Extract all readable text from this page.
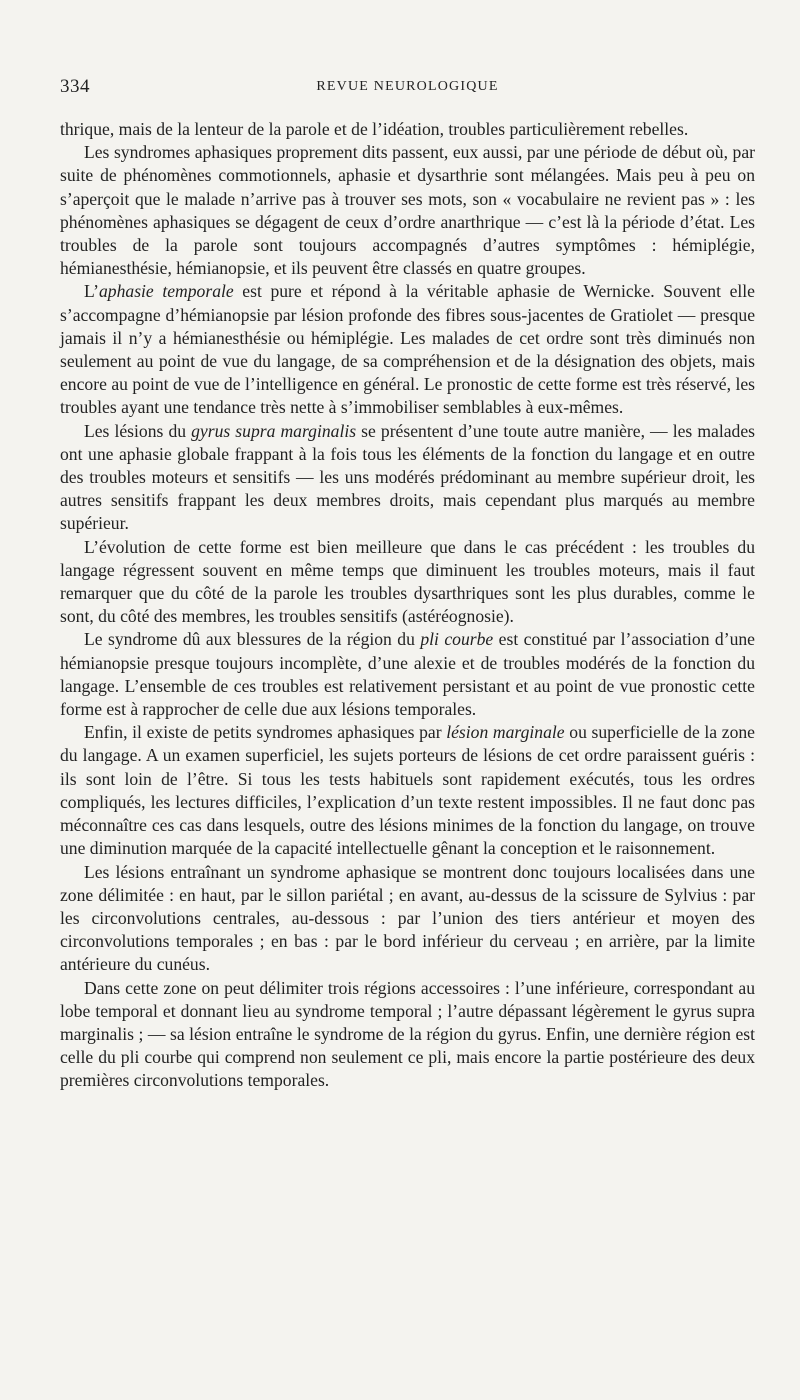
334	REVUE NEUROLOGIQUE

thrique, mais de la lenteur de la parole et de l’idéation, troubles particulièrement rebelles.

Les syndromes aphasiques proprement dits passent, eux aussi, par une période de début où, par suite de phénomènes commotionnels, aphasie et dysarthrie sont mélangées. Mais peu à peu on s’aperçoit que le malade n’arrive pas à trouver ses mots, son « vocabulaire ne revient pas » : les phénomènes aphasiques se dégagent de ceux d’ordre anarthrique — c’est là la période d’état. Les troubles de la parole sont toujours accompagnés d’autres symptômes : hémiplégie, hémianesthésie, hémianopsie, et ils peuvent être classés en quatre groupes.

L’aphasie temporale est pure et répond à la véritable aphasie de Wernicke. Souvent elle s’accompagne d’hémianopsie par lésion profonde des fibres sous-jacentes de Gratiolet — presque jamais il n’y a hémianesthésie ou hémiplégie. Les malades de cet ordre sont très diminués non seulement au point de vue du langage, de sa compréhension et de la désignation des objets, mais encore au point de vue de l’intelligence en général. Le pronostic de cette forme est très réservé, les troubles ayant une tendance très nette à s’immobiliser semblables à eux-mêmes.

Les lésions du gyrus supra marginalis se présentent d’une toute autre manière, — les malades ont une aphasie globale frappant à la fois tous les éléments de la fonction du langage et en outre des troubles moteurs et sensitifs — les uns modérés prédominant au membre supérieur droit, les autres sensitifs frappant les deux membres droits, mais cependant plus marqués au membre supérieur.

L’évolution de cette forme est bien meilleure que dans le cas précédent : les troubles du langage régressent souvent en même temps que diminuent les troubles moteurs, mais il faut remarquer que du côté de la parole les troubles dysarthriques sont les plus durables, comme le sont, du côté des membres, les troubles sensitifs (astéréognosie).

Le syndrome dû aux blessures de la région du pli courbe est constitué par l’association d’une hémianopsie presque toujours incomplète, d’une alexie et de troubles modérés de la fonction du langage. L’ensemble de ces troubles est relativement persistant et au point de vue pronostic cette forme est à rapprocher de celle due aux lésions temporales.

Enfin, il existe de petits syndromes aphasiques par lésion marginale ou superficielle de la zone du langage. A un examen superficiel, les sujets porteurs de lésions de cet ordre paraissent guéris : ils sont loin de l’être. Si tous les tests habituels sont rapidement exécutés, tous les ordres compliqués, les lectures difficiles, l’explication d’un texte restent impossibles. Il ne faut donc pas méconnaître ces cas dans lesquels, outre des lésions minimes de la fonction du langage, on trouve une diminution marquée de la capacité intellectuelle gênant la conception et le raisonnement.

Les lésions entraînant un syndrome aphasique se montrent donc toujours localisées dans une zone délimitée : en haut, par le sillon pariétal ; en avant, au-dessus de la scissure de Sylvius : par les circonvolutions centrales, au-dessous : par l’union des tiers antérieur et moyen des circonvolutions temporales ; en bas : par le bord inférieur du cerveau ; en arrière, par la limite antérieure du cunéus.

Dans cette zone on peut délimiter trois régions accessoires : l’une inférieure, correspondant au lobe temporal et donnant lieu au syndrome temporal ; l’autre dépassant légèrement le gyrus supra marginalis ; — sa lésion entraîne le syndrome de la région du gyrus. Enfin, une dernière région est celle du pli courbe qui comprend non seulement ce pli, mais encore la partie postérieure des deux premières circonvolutions temporales.
